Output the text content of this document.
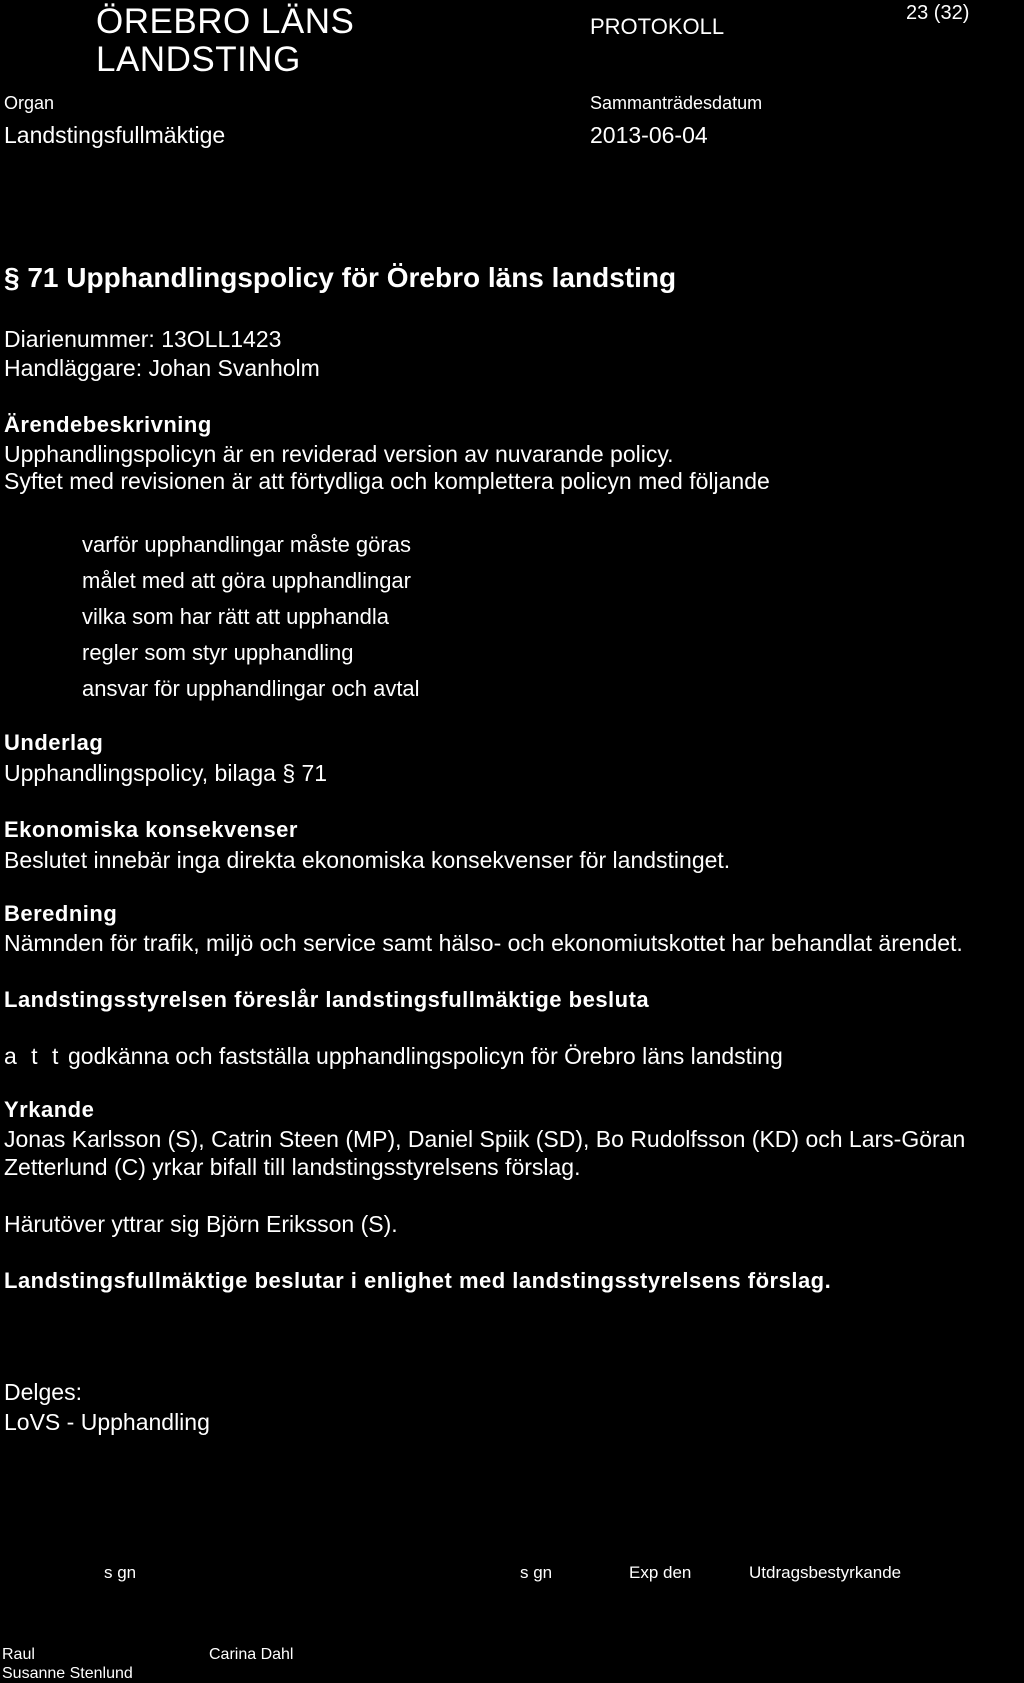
ÖREBRO LÄNS
LANDSTING
PROTOKOLL
23 (32)
Organ
Landstingsfullmäktige
Sammanträdesdatum
2013-06-04
§ 71 Upphandlingspolicy för Örebro läns landsting
Diarienummer: 13OLL1423
Handläggare: Johan Svanholm
Ärendebeskrivning
Upphandlingspolicyn är en reviderad version av nuvarande policy.
Syftet med revisionen är att förtydliga och komplettera policyn med följande
varför upphandlingar måste göras
målet med att göra upphandlingar
vilka som har rätt att upphandla
regler som styr upphandling
ansvar för upphandlingar och avtal
Underlag
Upphandlingspolicy, bilaga § 71
Ekonomiska konsekvenser
Beslutet innebär inga direkta ekonomiska konsekvenser för landstinget.
Beredning
Nämnden för trafik, miljö och service samt hälso- och ekonomiutskottet har behandlat ärendet.
Landstingsstyrelsen föreslår landstingsfullmäktige besluta
a t t godkänna och fastställa upphandlingspolicyn för Örebro läns landsting
Yrkande
Jonas Karlsson (S), Catrin Steen (MP), Daniel Spiik (SD), Bo Rudolfsson (KD) och Lars-Göran
Zetterlund (C) yrkar bifall till landstingsstyrelsens förslag.
Härutöver yttrar sig Björn Eriksson (S).
Landstingsfullmäktige beslutar i enlighet med landstingsstyrelsens förslag.
Delges:
LoVS - Upphandling
s gn	s gn	Exp den	Utdragsbestyrkande
Raul
Susanne Stenlund
Carina Dahl
